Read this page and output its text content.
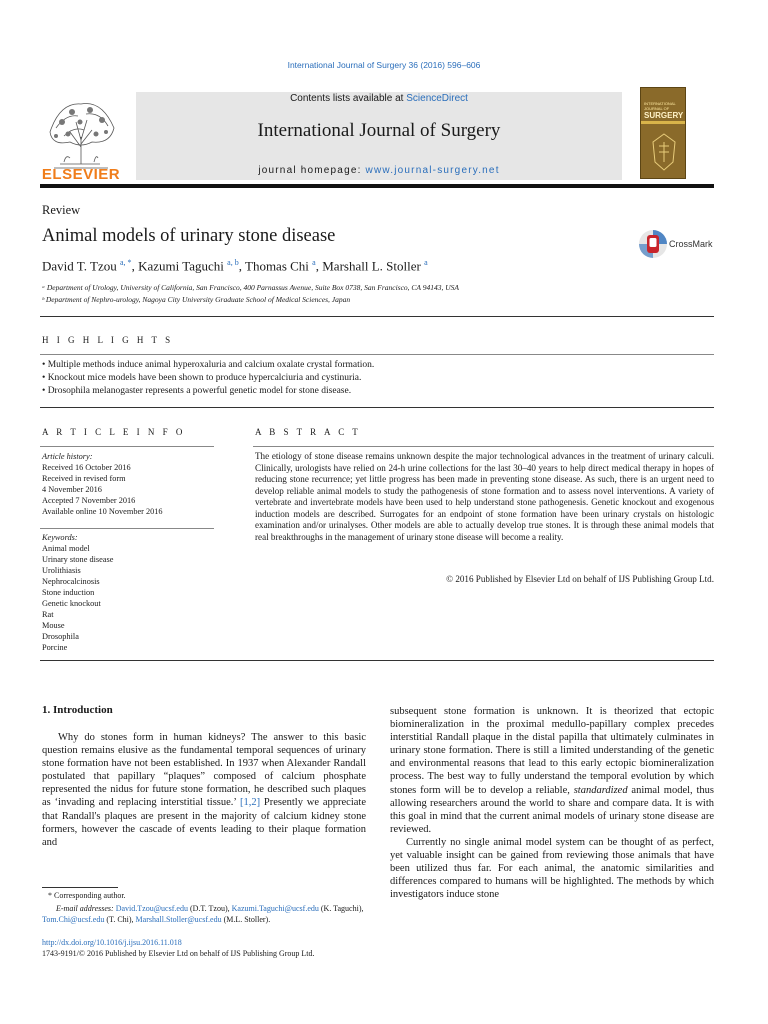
International Journal of Surgery 36 (2016) 596–606
ELSEVIER
Contents lists available at ScienceDirect
International Journal of Surgery
journal homepage: www.journal-surgery.net
INTERNATIONAL JOURNAL OF
SURGERY
Review
Animal models of urinary stone disease	CrossMark
David T. Tzou $^{a, *}$, Kazumi Taguchi $^{a, b}$, Thomas Chi $^a$, Marshall L. Stoller $^a$
ᵃ Department of Urology, University of California, San Francisco, 400 Parnassus Avenue, Suite Box 0738, San Francisco, CA 94143, USA
ᵇ Department of Nephro-urology, Nagoya City University Graduate School of Medical Sciences, Japan
H I G H L I G H T S
• Multiple methods induce animal hyperoxaluria and calcium oxalate crystal formation.
• Knockout mice models have been shown to produce hypercalciuria and cystinuria.
• Drosophila melanogaster represents a powerful genetic model for stone disease.
A R T I C L E I N F O
Article history:
Received 16 October 2016
Received in revised form
4 November 2016
Accepted 7 November 2016
Available online 10 November 2016
Keywords:
Animal model
Urinary stone disease
Urolithiasis
Nephrocalcinosis
Stone induction
Genetic knockout
Rat
Mouse
Drosophila
Porcine
A B S T R A C T
The etiology of stone disease remains unknown despite the major technological advances in the treatment of urinary calculi. Clinically, urologists have relied on 24-h urine collections for the last 30–40 years to help direct medical therapy in hopes of reducing stone recurrence; yet little progress has been made in preventing stone disease. As such, there is an urgent need to develop reliable animal models to study the pathogenesis of stone formation and to assess novel interventions. A variety of vertebrate and invertebrate models have been used to help understand stone pathogenesis. Genetic knockout and exogenous induction models are described. Surrogates for an endpoint of stone formation have been urinary crystals on histologic examination and/or urinalyses. Other models are able to actually develop true stones. It is through these animal models that real breakthroughs in the management of urinary stone disease will become a reality.
© 2016 Published by Elsevier Ltd on behalf of IJS Publishing Group Ltd.
1. Introduction

Why do stones form in human kidneys? The answer to this basic question remains elusive as the fundamental temporal sequences of urinary stone formation have not been established. In 1937 when Alexander Randall postulated that papillary “plaques” composed of calcium phosphate represented the nidus for future stone formation, he described such plaques as ‘invading and replacing interstitial tissue.’ [1,2] Presently we appreciate that Randall's plaques are present in the majority of calcium kidney stone formers, however the cascade of events leading to their plaque formation and

subsequent stone formation is unknown. It is theorized that ectopic biomineralization in the proximal medullo-papillary complex precedes interstitial Randall plaque in the distal papilla that ultimately culminates in urinary stone formation. There is still a limited understanding of the genetic and environmental reasons that lead to this early ectopic biomineralization process. The best way to fully understand the temporal evolution by which stones form will be to develop a reliable, standardized animal model, thus allowing researchers around the world to share and compare data. It is with this goal in mind that the current animal models of urinary stone disease are reviewed.

Currently no single animal model system can be thought of as perfect, yet valuable insight can be gained from reviewing those animals that have been utilized thus far. For each animal, the anatomic similarities and differences compared to humans will be highlighted. The methods by which investigators induce stone

* Corresponding author.
E-mail addresses: David.Tzou@ucsf.edu (D.T. Tzou), Kazumi.Taguchi@ucsf.edu (K. Taguchi), Tom.Chi@ucsf.edu (T. Chi), Marshall.Stoller@ucsf.edu (M.L. Stoller).
http://dx.doi.org/10.1016/j.ijsu.2016.11.018
1743-9191/© 2016 Published by Elsevier Ltd on behalf of IJS Publishing Group Ltd.
